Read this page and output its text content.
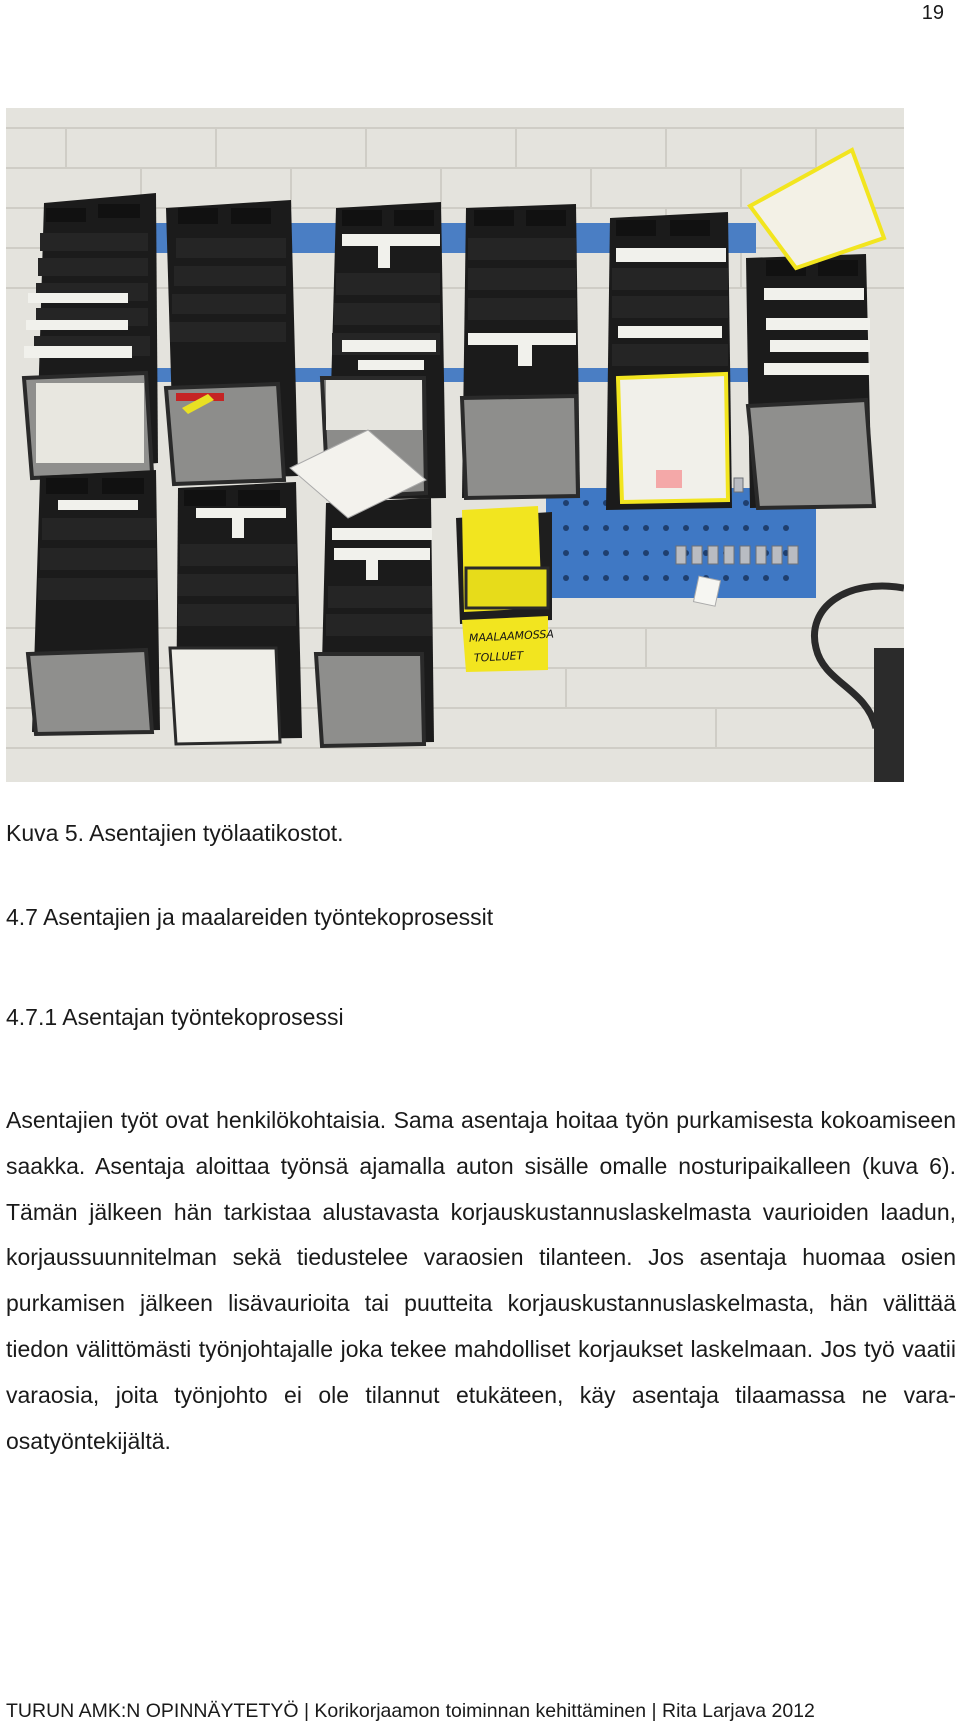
19
MAALAAMOSSA
TOLLUET
Kuva 5. Asentajien työlaatikostot.
4.7 Asentajien ja maalareiden työntekoprosessit
4.7.1 Asentajan työntekoprosessi

Asentajien työt ovat henkilökohtaisia. Sama asentaja hoitaa työn purkamisesta kokoamiseen saakka. Asentaja aloittaa työnsä ajamalla auton sisälle omalle nosturipaikalleen (kuva 6). Tämän jälkeen hän tarkistaa alustavasta korjauskustannuslaskelmasta vaurioiden laadun, korjaussuunnitelman sekä tiedustelee varaosien tilanteen. Jos asentaja huomaa osien purkamisen jälkeen lisävaurioita tai puutteita korjauskustannuslaskelmasta, hän välittää tiedon välittömästi työnjohtajalle joka tekee mahdolliset korjaukset laskelmaan. Jos työ vaatii varaosia, joita työnjohto ei ole tilannut etukäteen, käy asentaja tilaamassa ne varaosatyöntekijältä.

TURUN AMK:N OPINNÄYTETYÖ | Korikorjaamon toiminnan kehittäminen | Rita Larjava 2012
